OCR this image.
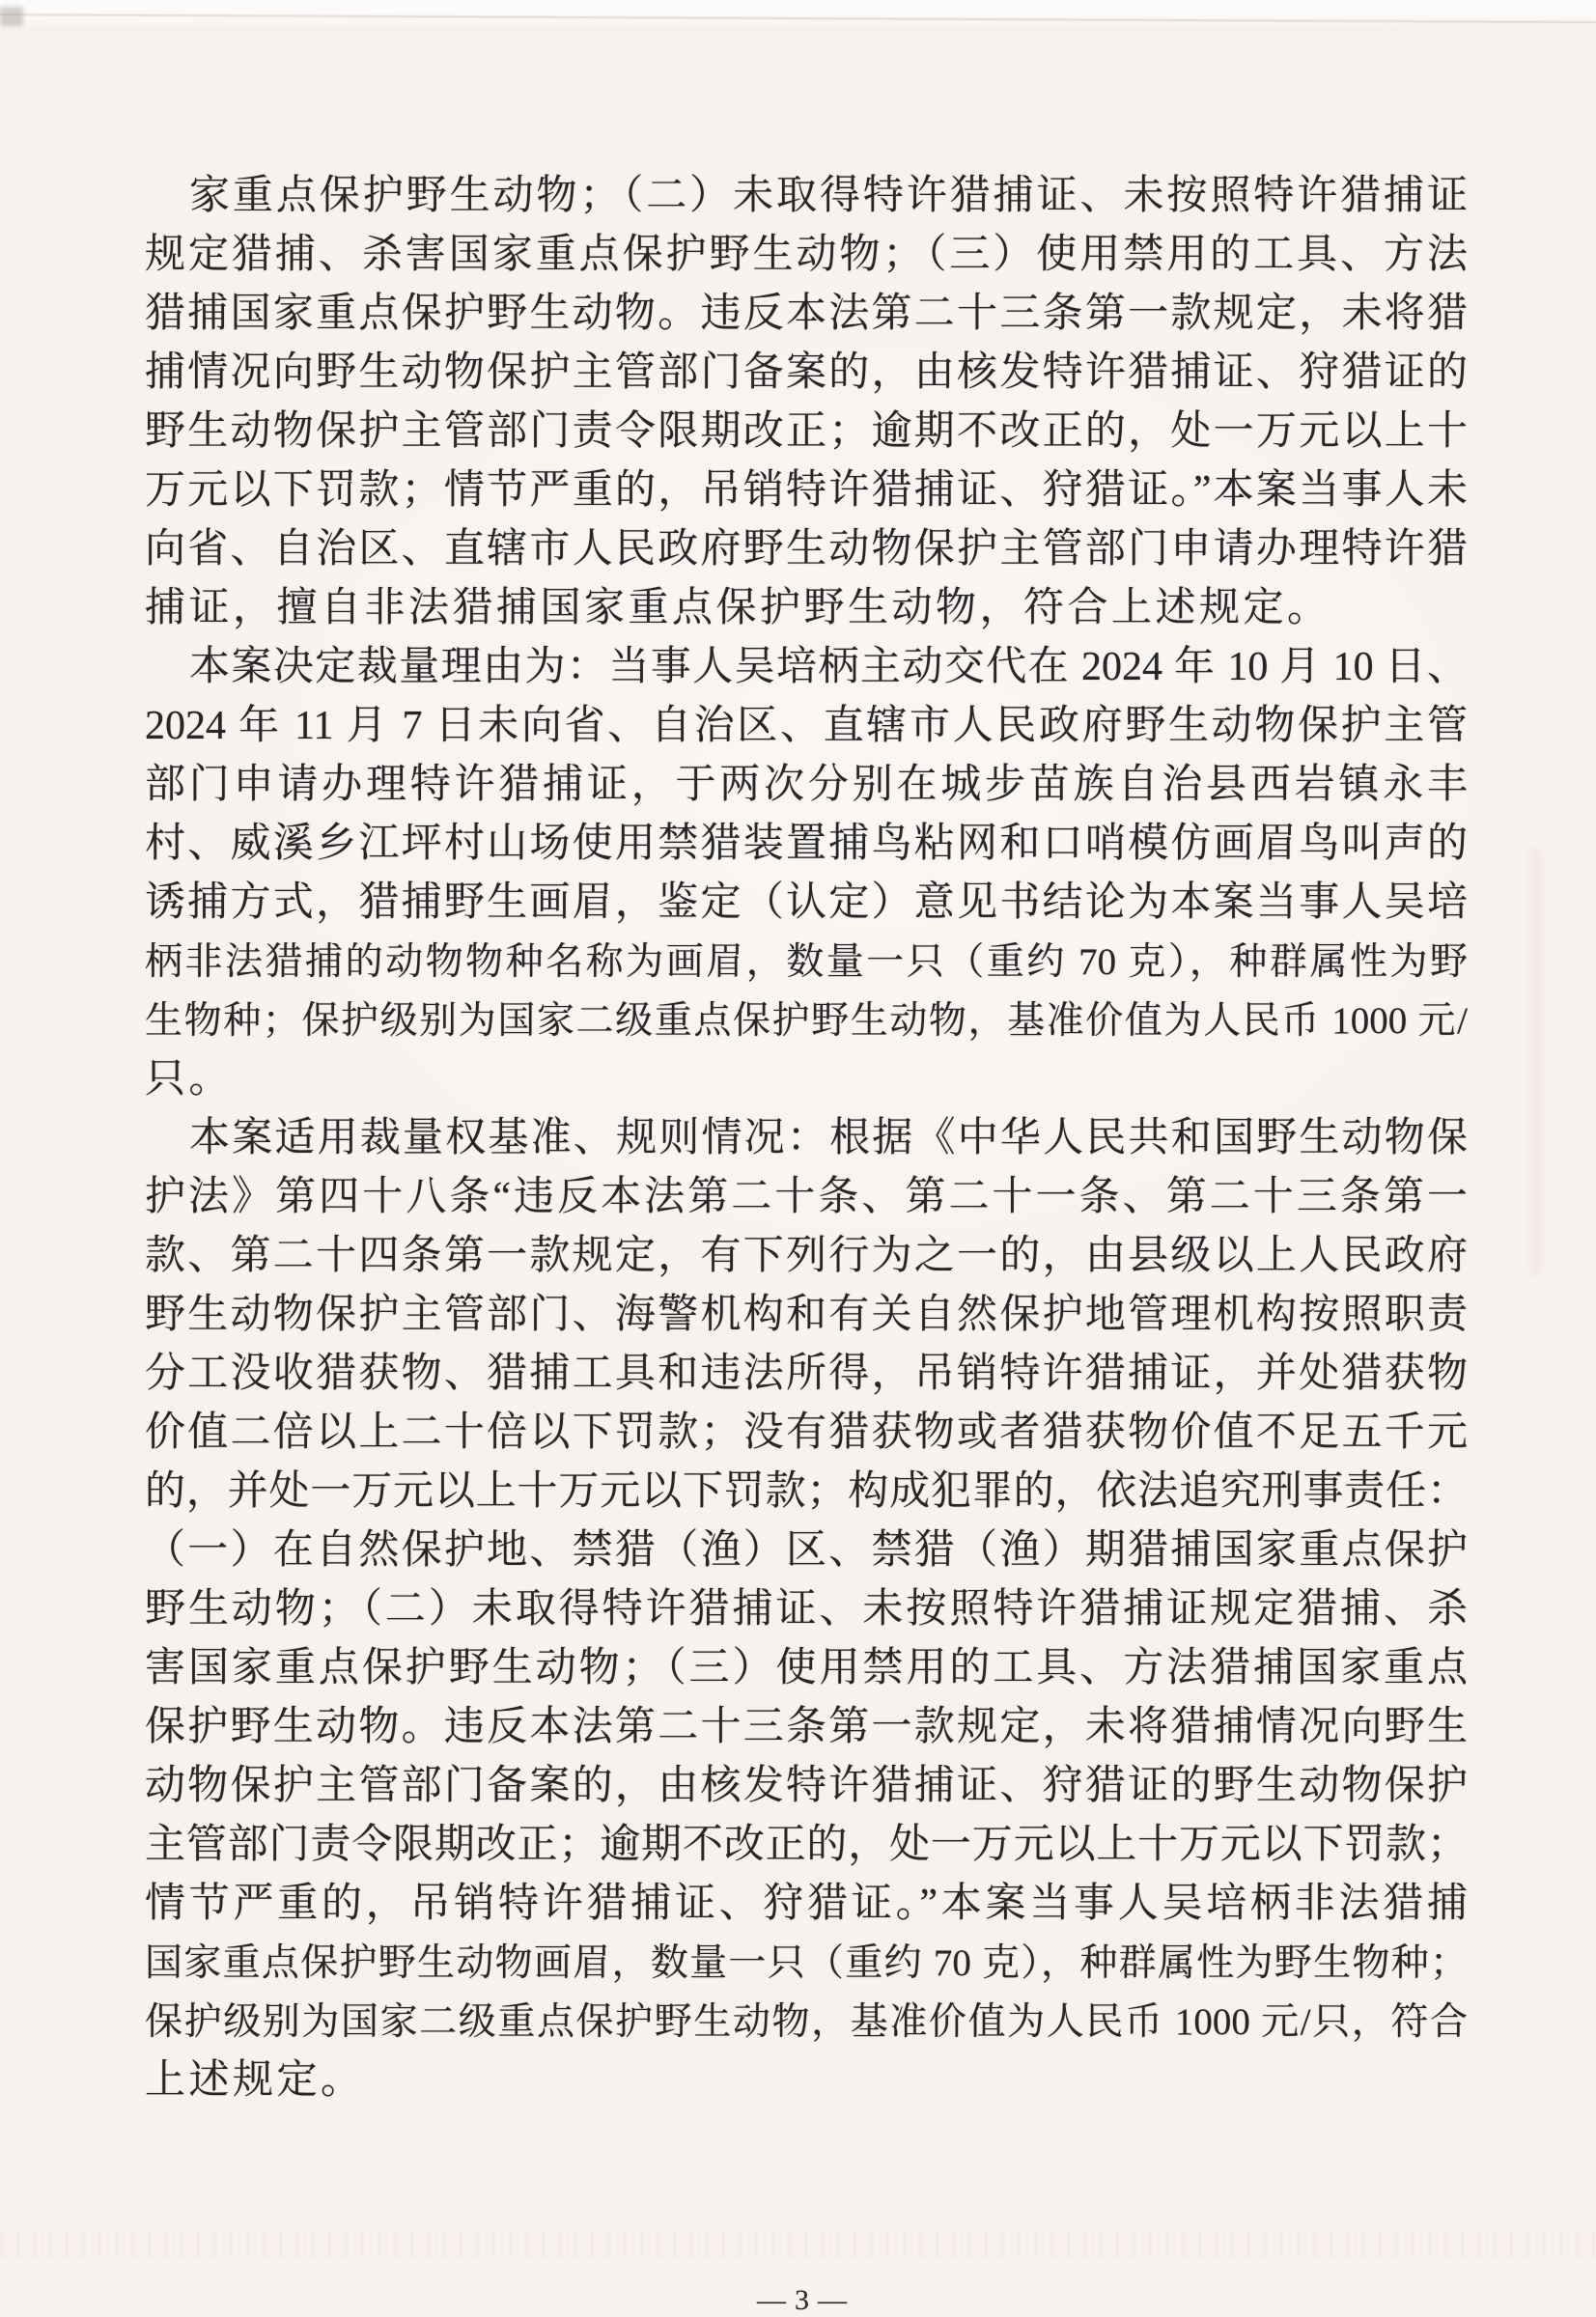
家重点保护野生动物；（二）未取得特许猎捕证、未按照特许猎捕证
规定猎捕、杀害国家重点保护野生动物；（三）使用禁用的工具、方法
猎捕国家重点保护野生动物。违反本法第二十三条第一款规定，未将猎
捕情况向野生动物保护主管部门备案的，由核发特许猎捕证、狩猎证的
野生动物保护主管部门责令限期改正；逾期不改正的，处一万元以上十
万元以下罚款；情节严重的，吊销特许猎捕证、狩猎证。”本案当事人未
向省、自治区、直辖市人民政府野生动物保护主管部门申请办理特许猎
捕证，擅自非法猎捕国家重点保护野生动物，符合上述规定。
本案决定裁量理由为：当事人吴培柄主动交代在 2024 年 10 月 10 日、
2024 年 11 月 7 日未向省、自治区、直辖市人民政府野生动物保护主管
部门申请办理特许猎捕证，于两次分别在城步苗族自治县西岩镇永丰
村、威溪乡江坪村山场使用禁猎装置捕鸟粘网和口哨模仿画眉鸟叫声的
诱捕方式，猎捕野生画眉，鉴定（认定）意见书结论为本案当事人吴培
柄非法猎捕的动物物种名称为画眉，数量一只（重约 70 克），种群属性为野
生物种；保护级别为国家二级重点保护野生动物，基准价值为人民币 1000 元/
只。
本案适用裁量权基准、规则情况：根据《中华人民共和国野生动物保
护法》第四十八条“违反本法第二十条、第二十一条、第二十三条第一
款、第二十四条第一款规定，有下列行为之一的，由县级以上人民政府
野生动物保护主管部门、海警机构和有关自然保护地管理机构按照职责
分工没收猎获物、猎捕工具和违法所得，吊销特许猎捕证，并处猎获物
价值二倍以上二十倍以下罚款；没有猎获物或者猎获物价值不足五千元
的，并处一万元以上十万元以下罚款；构成犯罪的，依法追究刑事责任：
（一）在自然保护地、禁猎（渔）区、禁猎（渔）期猎捕国家重点保护
野生动物；（二）未取得特许猎捕证、未按照特许猎捕证规定猎捕、杀
害国家重点保护野生动物；（三）使用禁用的工具、方法猎捕国家重点
保护野生动物。违反本法第二十三条第一款规定，未将猎捕情况向野生
动物保护主管部门备案的，由核发特许猎捕证、狩猎证的野生动物保护
主管部门责令限期改正；逾期不改正的，处一万元以上十万元以下罚款；
情节严重的，吊销特许猎捕证、狩猎证。”本案当事人吴培柄非法猎捕
国家重点保护野生动物画眉，数量一只（重约 70 克），种群属性为野生物种；
保护级别为国家二级重点保护野生动物，基准价值为人民币 1000 元/只，符合
上述规定。
—3—
